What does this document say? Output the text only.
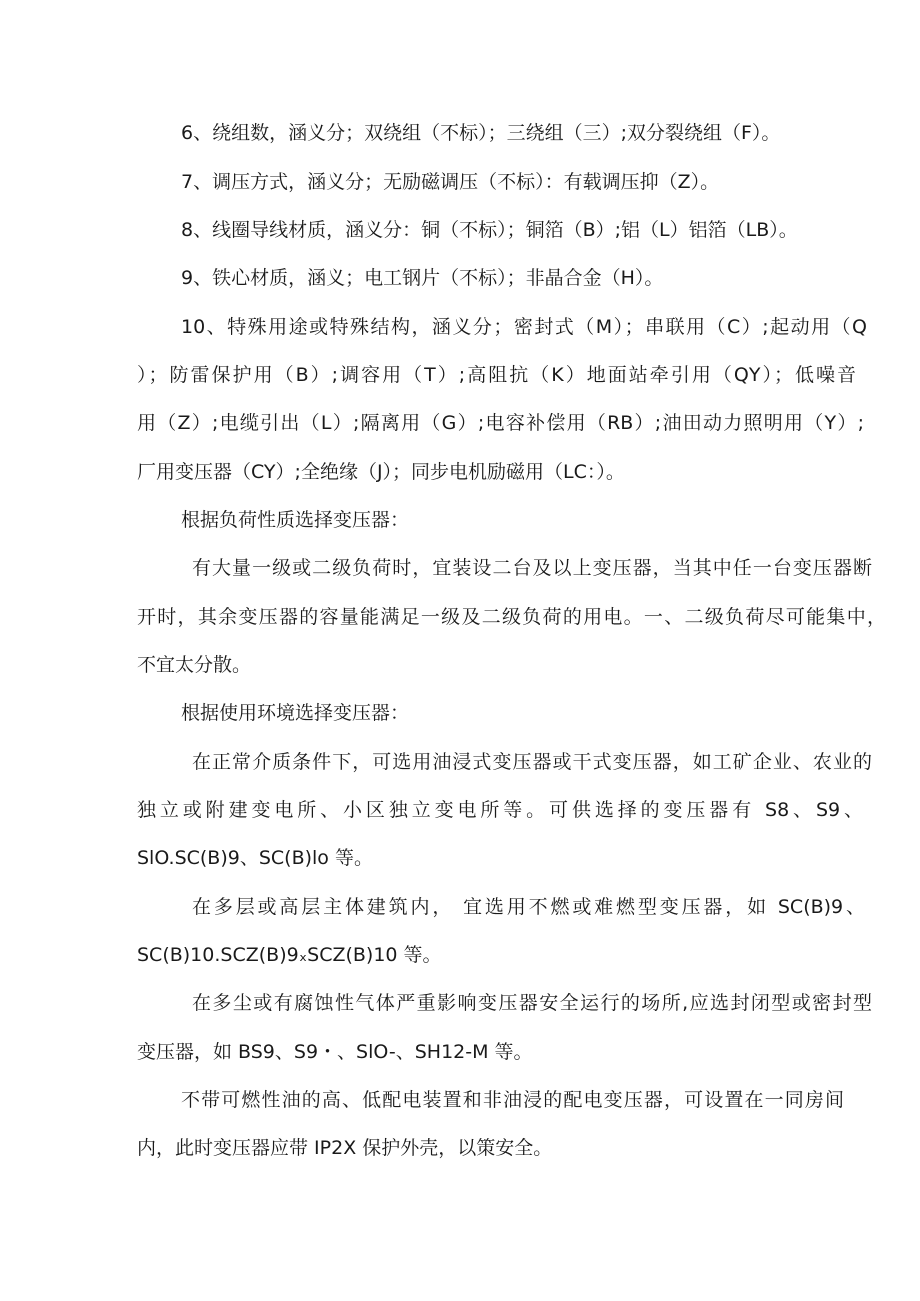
6、绕组数，涵义分；双绕组（不标）；三绕组（三）;双分裂绕组（F）。
7、调压方式，涵义分；无励磁调压（不标）：有载调压抑（Z）。
8、线圈导线材质，涵义分：铜（不标）；铜箔（B）;铝（L）铝箔（LB）。
9、铁心材质，涵义；电工钢片（不标）；非晶合金（H）。
10、特殊用途或特殊结构，涵义分；密封式（M）；串联用（C）;起动用（Q
）；防雷保护用（B）;调容用（T）;高阻抗（K）地面站牵引用（QY）；低噪音
用（Z）;电缆引出（L）;隔离用（G）;电容补偿用（RB）;油田动力照明用（Y）;
厂用变压器（CY）;全绝缘（J）；同步电机励磁用（LC：）。
根据负荷性质选择变压器：
有大量一级或二级负荷时，宜装设二台及以上变压器，当其中任一台变压器断
开时，其余变压器的容量能满足一级及二级负荷的用电。一、二级负荷尽可能集中，
不宜太分散。
根据使用环境选择变压器：
在正常介质条件下，可选用油浸式变压器或干式变压器，如工矿企业、农业的
独立或附建变电所、小区独立变电所等。可供选择的变压器有 S8、S9、
SlO.SC(B)9、SC(B)lo 等。
在多层或高层主体建筑内， 宜选用不燃或难燃型变压器，如 SC(B)9、
SC(B)10.SCZ(B)9ₓSCZ(B)10 等。
在多尘或有腐蚀性气体严重影响变压器安全运行的场所,应选封闭型或密封型
变压器，如 BS9、S9・、SlO-、SH12-M 等。
不带可燃性油的高、低配电装置和非油浸的配电变压器，可设置在一同房间
内，此时变压器应带 IP2X 保护外壳，以策安全。
